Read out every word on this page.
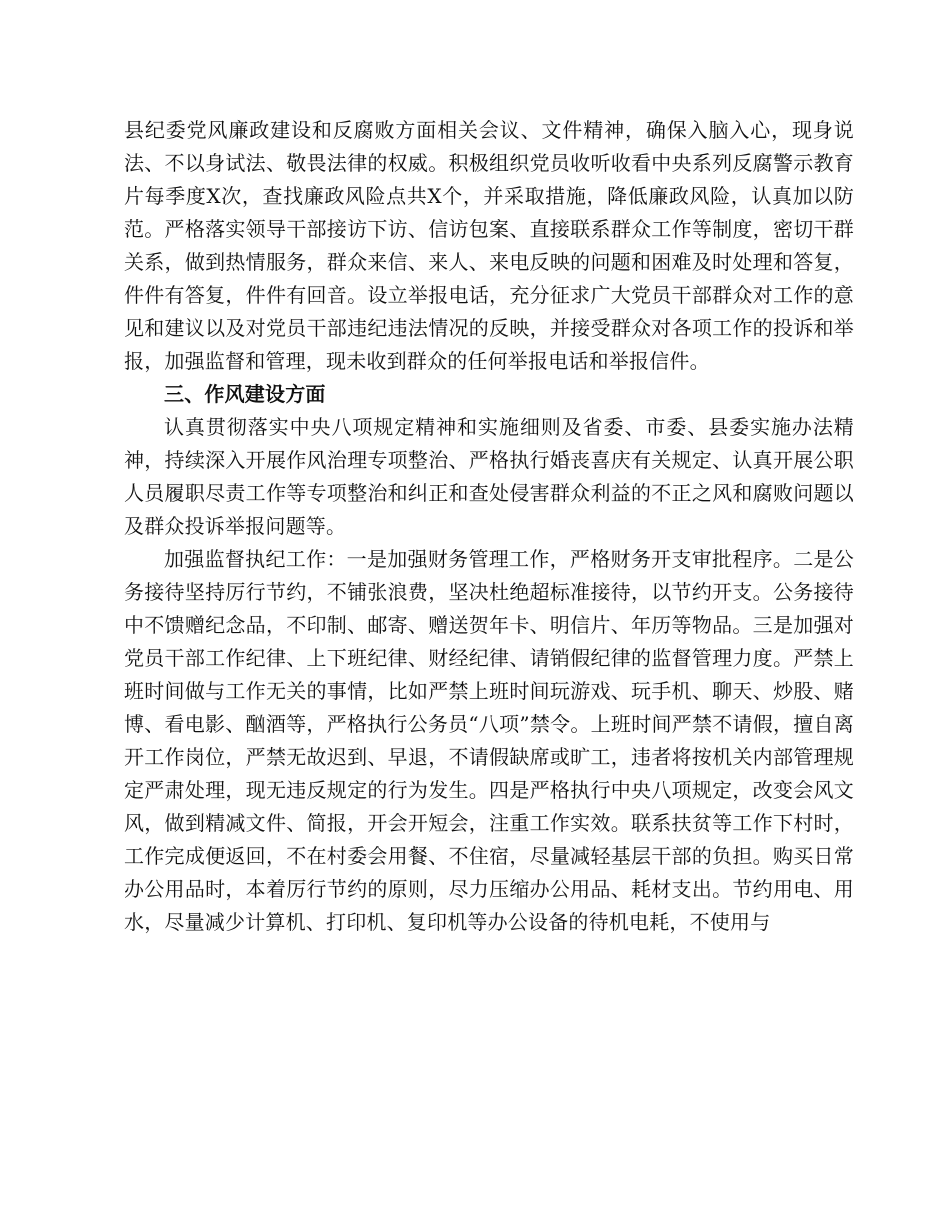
县纪委党风廉政建设和反腐败方面相关会议、文件精神，确保入脑入心，现身说法、不以身试法、敬畏法律的权威。积极组织党员收听收看中央系列反腐警示教育片每季度X次，查找廉政风险点共X个，并采取措施，降低廉政风险，认真加以防范。严格落实领导干部接访下访、信访包案、直接联系群众工作等制度，密切干群关系，做到热情服务，群众来信、来人、来电反映的问题和困难及时处理和答复，件件有答复，件件有回音。设立举报电话，充分征求广大党员干部群众对工作的意见和建议以及对党员干部违纪违法情况的反映，并接受群众对各项工作的投诉和举报，加强监督和管理，现未收到群众的任何举报电话和举报信件。

三、作风建设方面

认真贯彻落实中央八项规定精神和实施细则及省委、市委、县委实施办法精神，持续深入开展作风治理专项整治、严格执行婚丧喜庆有关规定、认真开展公职人员履职尽责工作等专项整治和纠正和查处侵害群众利益的不正之风和腐败问题以及群众投诉举报问题等。

加强监督执纪工作：一是加强财务管理工作，严格财务开支审批程序。二是公务接待坚持厉行节约，不铺张浪费，坚决杜绝超标准接待，以节约开支。公务接待中不馈赠纪念品，不印制、邮寄、赠送贺年卡、明信片、年历等物品。三是加强对党员干部工作纪律、上下班纪律、财经纪律、请销假纪律的监督管理力度。严禁上班时间做与工作无关的事情，比如严禁上班时间玩游戏、玩手机、聊天、炒股、赌博、看电影、酗酒等，严格执行公务员“八项”禁令。上班时间严禁不请假，擅自离开工作岗位，严禁无故迟到、早退，不请假缺席或旷工，违者将按机关内部管理规定严肃处理，现无违反规定的行为发生。四是严格执行中央八项规定，改变会风文风，做到精减文件、简报，开会开短会，注重工作实效。联系扶贫等工作下村时，工作完成便返回，不在村委会用餐、不住宿，尽量减轻基层干部的负担。购买日常办公用品时，本着厉行节约的原则，尽力压缩办公用品、耗材支出。节约用电、用水，尽量减少计算机、打印机、复印机等办公设备的待机电耗，不使用与
